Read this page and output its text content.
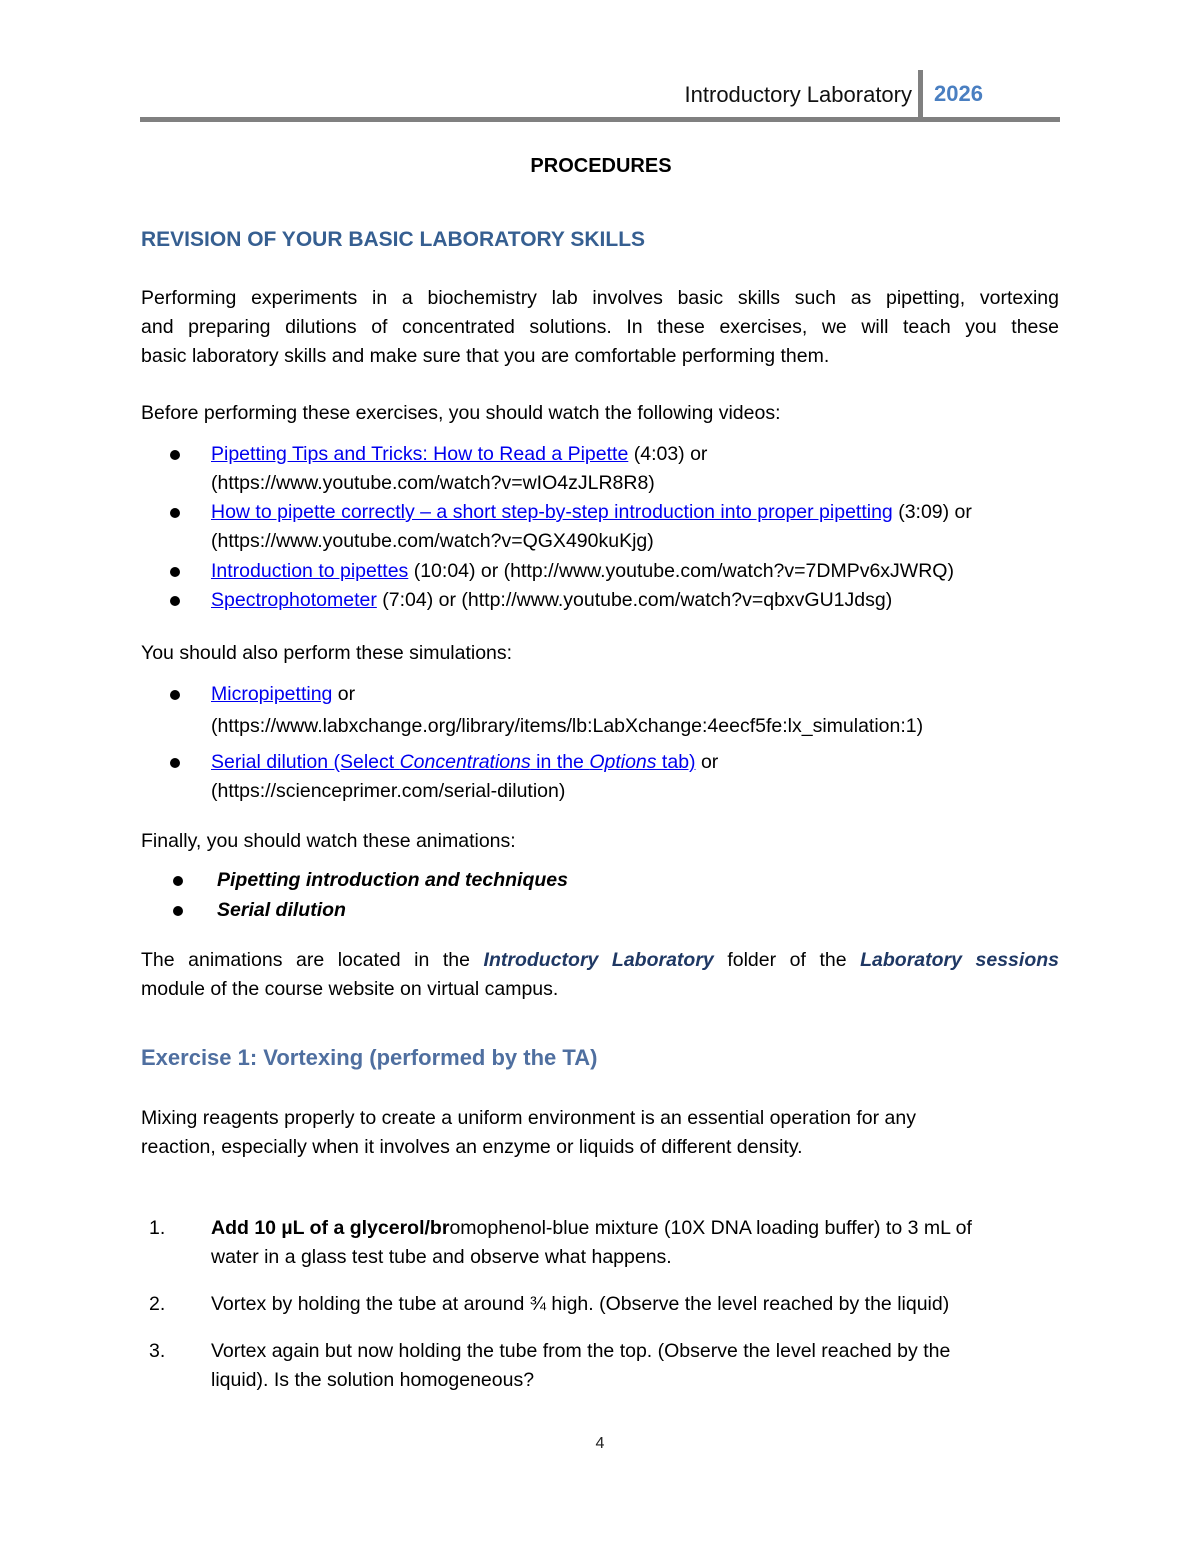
Introductory Laboratory 2026
PROCEDURES
REVISION OF YOUR BASIC LABORATORY SKILLS
Performing experiments in a biochemistry lab involves basic skills such as pipetting, vortexing
and preparing dilutions of concentrated solutions. In these exercises, we will teach you these
basic laboratory skills and make sure that you are comfortable performing them.
Before performing these exercises, you should watch the following videos:
Pipetting Tips and Tricks: How to Read a Pipette (4:03) or
(https://www.youtube.com/watch?v=wIO4zJLR8R8)
How to pipette correctly – a short step-by-step introduction into proper pipetting (3:09) or
(https://www.youtube.com/watch?v=QGX490kuKjg)
Introduction to pipettes (10:04) or (http://www.youtube.com/watch?v=7DMPv6xJWRQ)
Spectrophotometer (7:04) or (http://www.youtube.com/watch?v=qbxvGU1Jdsg)
You should also perform these simulations:
Micropipetting or
(https://www.labxchange.org/library/items/lb:LabXchange:4eecf5fe:lx_simulation:1)
Serial dilution (Select Concentrations in the Options tab) or
(https://scienceprimer.com/serial-dilution)
Finally, you should watch these animations:
Pipetting introduction and techniques
Serial dilution
The animations are located in the Introductory Laboratory folder of the Laboratory sessions
module of the course website on virtual campus.
Exercise 1: Vortexing (performed by the TA)
Mixing reagents properly to create a uniform environment is an essential operation for any
reaction, especially when it involves an enzyme or liquids of different density.
1. Add 10 µL of a glycerol/bromophenol-blue mixture (10X DNA loading buffer) to 3 mL of
water in a glass test tube and observe what happens.
2. Vortex by holding the tube at around ¾ high. (Observe the level reached by the liquid)
3. Vortex again but now holding the tube from the top. (Observe the level reached by the
liquid). Is the solution homogeneous?
4
